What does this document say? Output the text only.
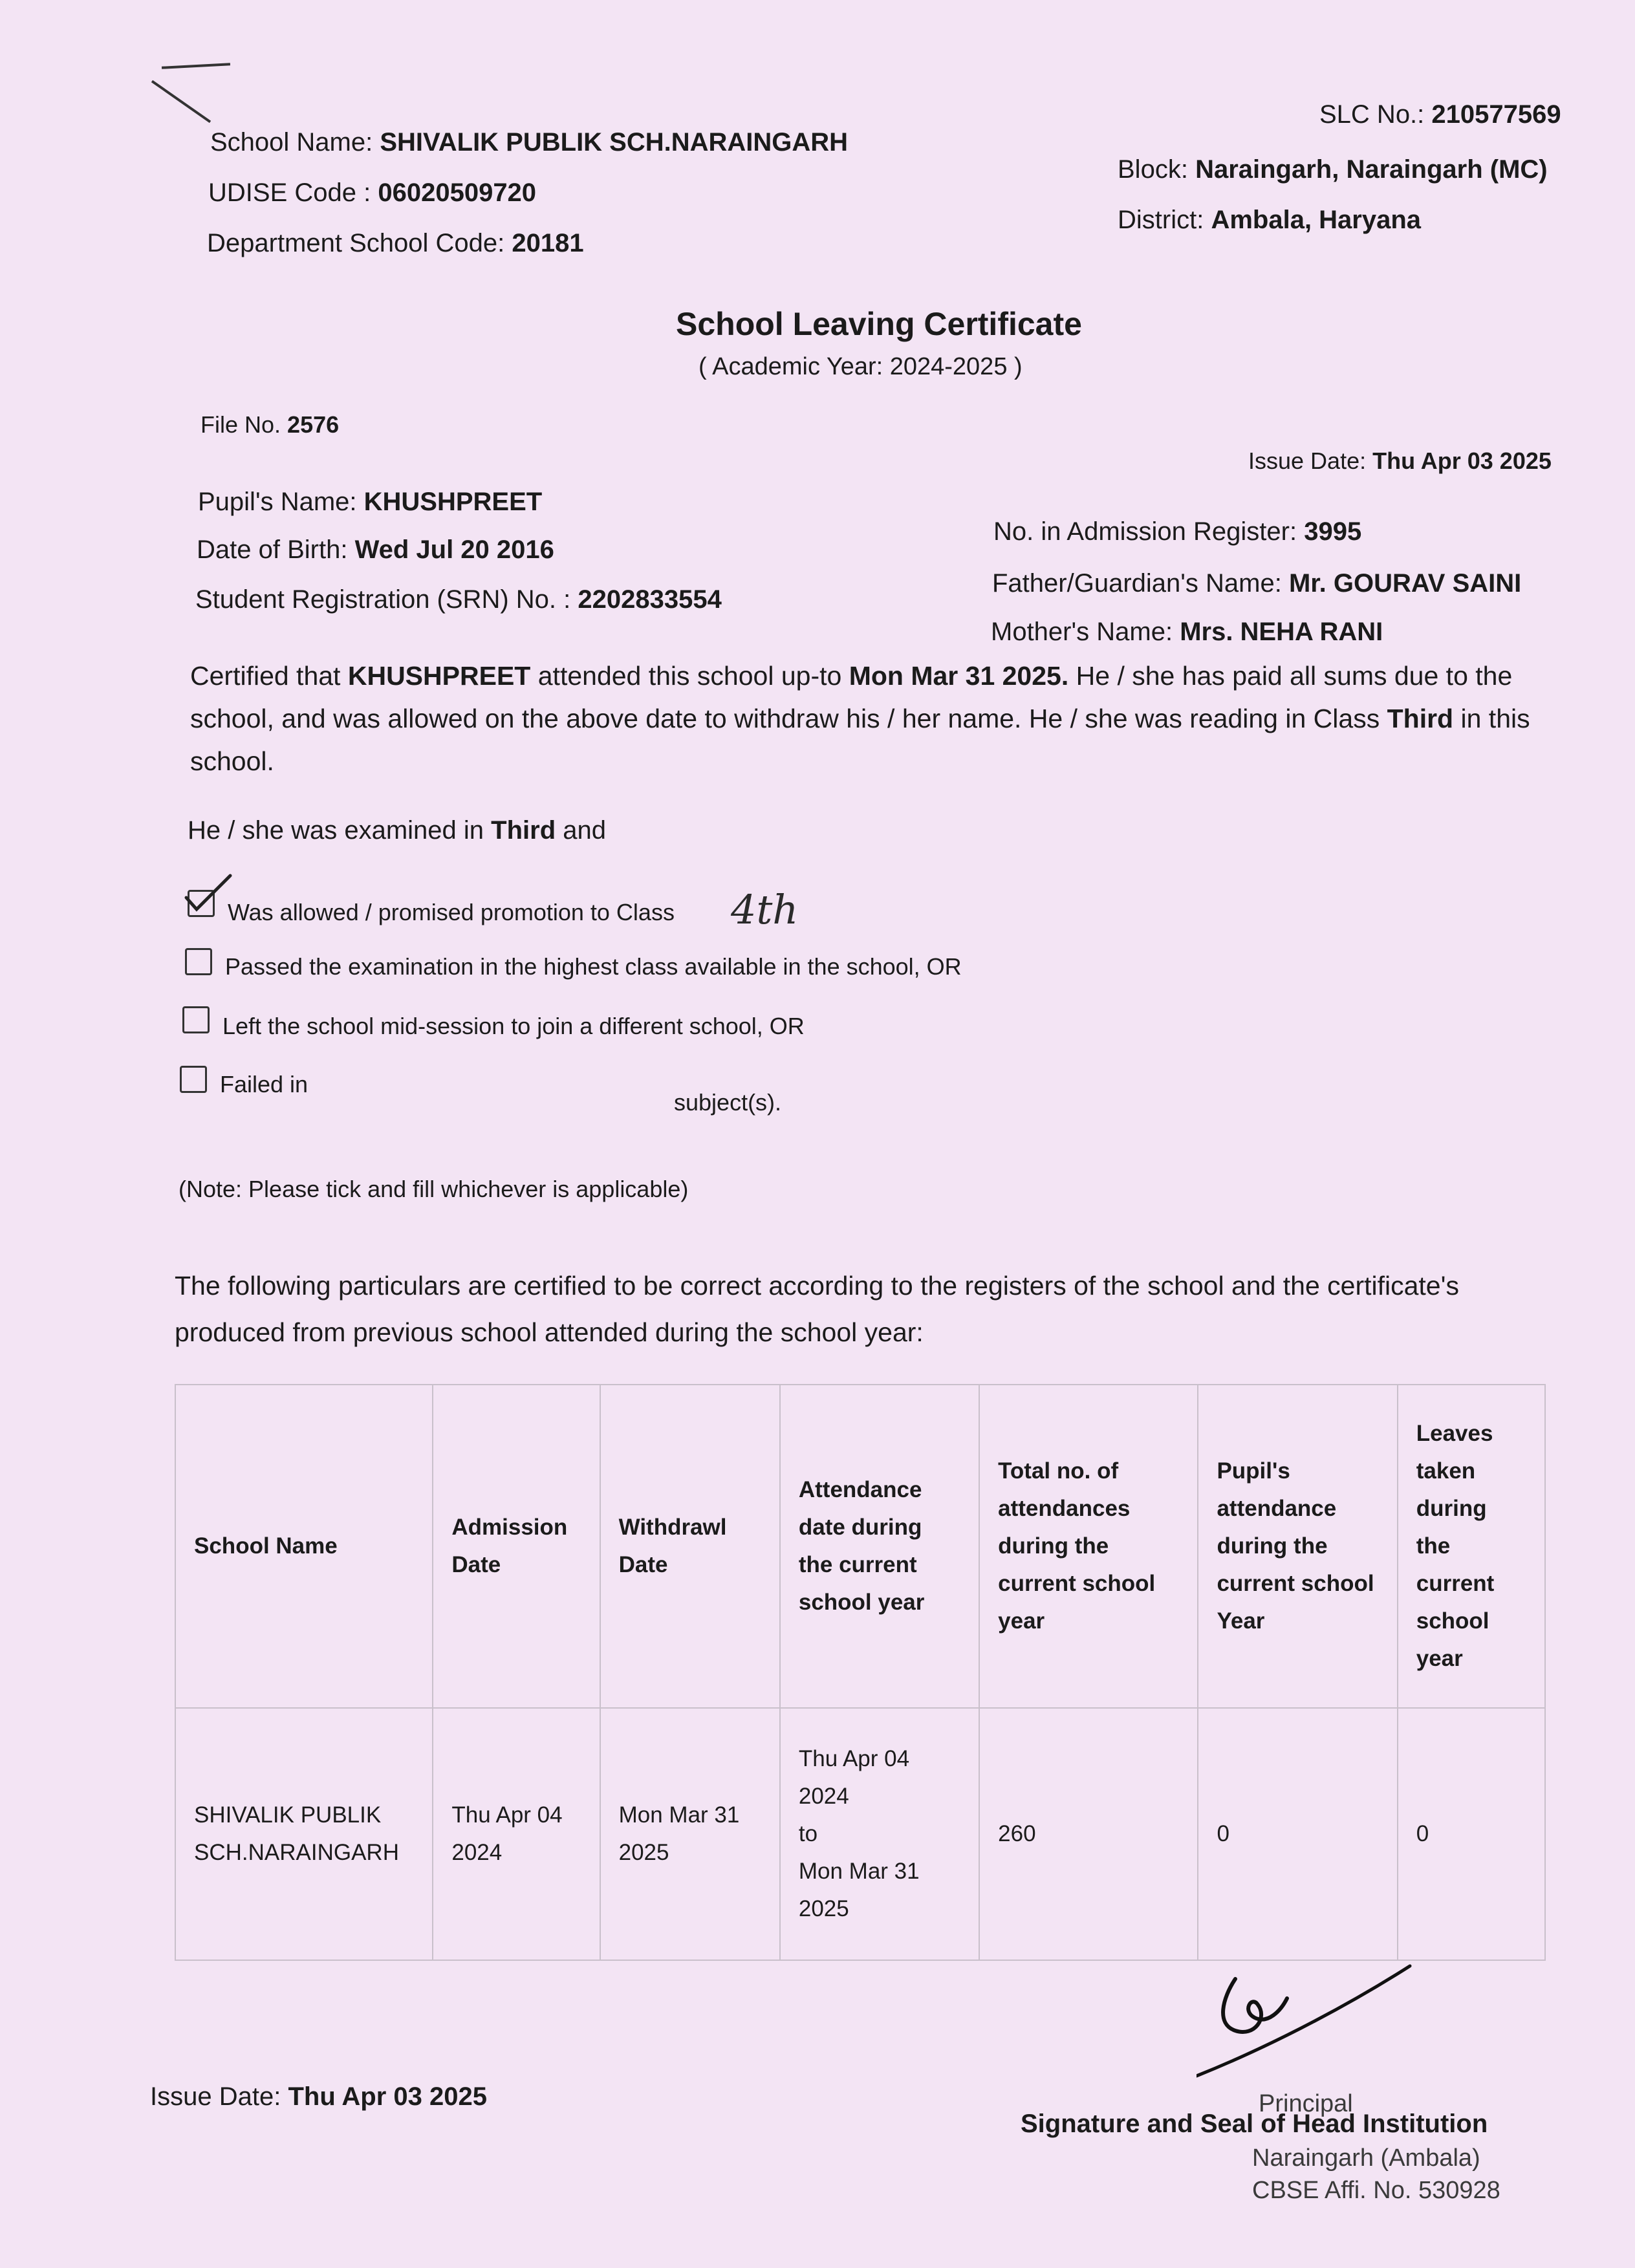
SLC No.: 210577569
Block: Naraingarh, Naraingarh (MC)
District: Ambala, Haryana
School Name: SHIVALIK PUBLIK SCH.NARAINGARH
UDISE Code : 06020509720
Department School Code: 20181
School Leaving Certificate
( Academic Year: 2024-2025 )
File No. 2576
Issue Date: Thu Apr 03 2025
Pupil's Name: KHUSHPREET
Date of Birth: Wed Jul 20 2016
Student Registration (SRN) No. : 2202833554
No. in Admission Register: 3995
Father/Guardian's Name: Mr. GOURAV SAINI
Mother's Name: Mrs. NEHA RANI
Certified that KHUSHPREET attended this school up-to Mon Mar 31 2025. He / she has paid all sums due to the school, and was allowed on the above date to withdraw his / her name. He / she was reading in Class Third in this school.
He / she was examined in Third and
Was allowed / promised promotion to Class 4th
Passed the examination in the highest class available in the school, OR
Left the school mid-session to join a different school, OR
Failed in
subject(s).
(Note: Please tick and fill whichever is applicable)
The following particulars are certified to be correct according to the registers of the school and the certificate's produced from previous school attended during the school year:
School Name	Admission Date	Withdrawl Date	Attendance date during the current school year	Total no. of attendances during the current school year	Pupil's attendance during the current school Year	Leaves taken during the current school year
SHIVALIK PUBLIK SCH.NARAINGARH	Thu Apr 04 2024	Mon Mar 31 2025	Thu Apr 04 2024
to
Mon Mar 31 2025	260	0	0
Issue Date: Thu Apr 03 2025
Signature and Seal of Head Institution
Principal
Naraingarh (Ambala)
CBSE Affi. No. 530928
